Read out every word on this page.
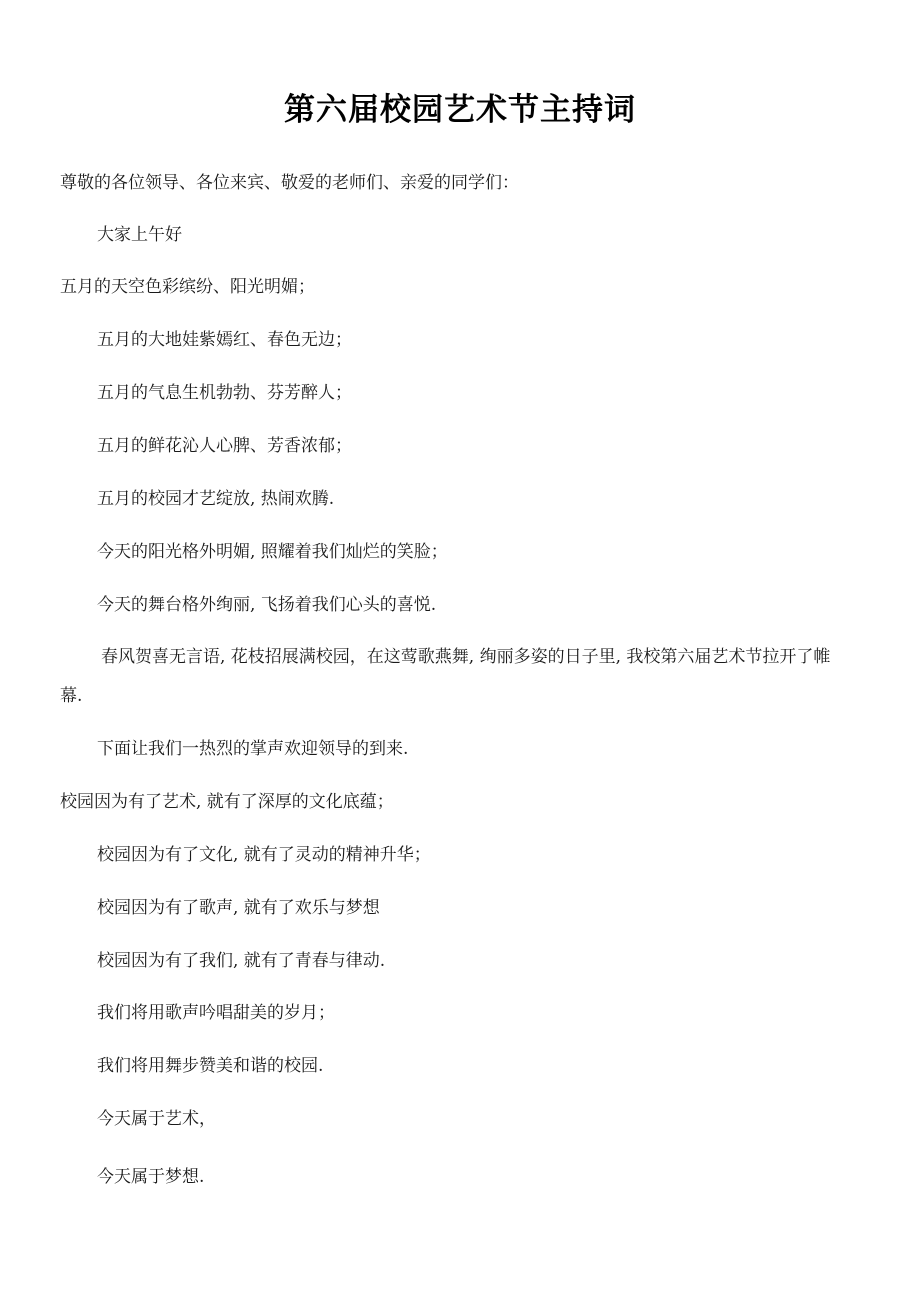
第六届校园艺术节主持词
尊敬的各位领导、各位来宾、敬爱的老师们、亲爱的同学们：
大家上午好
五月的天空色彩缤纷、阳光明媚；
五月的大地娃紫嫣红、春色无边；
五月的气息生机勃勃、芬芳醉人；
五月的鲜花沁人心脾、芳香浓郁；
五月的校园才艺绽放, 热闹欢腾.
今天的阳光格外明媚, 照耀着我们灿烂的笑脸；
今天的舞台格外绚丽, 飞扬着我们心头的喜悦.
春风贺喜无言语, 花枝招展满校园，在这莺歌燕舞, 绚丽多姿的日子里, 我校第六届艺术节拉开了帷幕.
下面让我们一热烈的掌声欢迎领导的到来.
校园因为有了艺术, 就有了深厚的文化底蕴；
校园因为有了文化, 就有了灵动的精神升华；
校园因为有了歌声, 就有了欢乐与梦想
校园因为有了我们, 就有了青春与律动.
我们将用歌声吟唱甜美的岁月；
我们将用舞步赞美和谐的校园.
今天属于艺术，
今天属于梦想.
